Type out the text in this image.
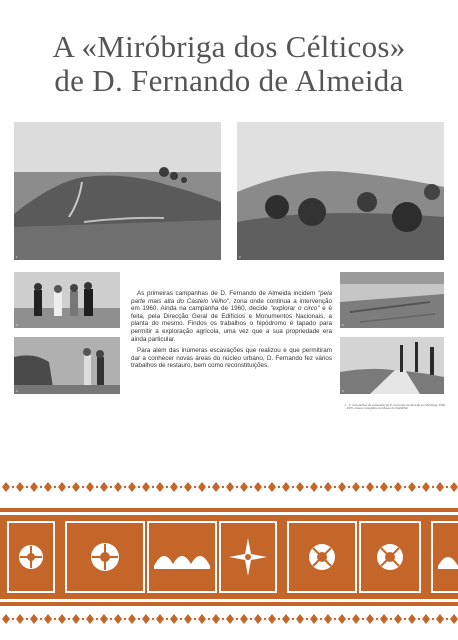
A «Miróbriga dos Célticos»
de D. Fernando de Almeida
1	2
3
4
5
6

As primeiras campanhas de D. Fernando de Almeida incidem "pela parte mais alta do Castelo Velho", zona onde continua a intervenção em 1960. Ainda na campanha de 1960, decide "explorar o circo" e é feita, pela Direcção Geral de Edifícios e Monumentos Nacionais, a planta do mesmo. Findos os trabalhos o hipódromo é tapado para permitir a exploração agrícola, uma vez que a sua propriedade era ainda particular.

Para além das inúmeras escavações que realizou e que permitiram dar a conhecer novas áreas do núcleo urbano, D. Fernando fez vários trabalhos de restauro, bem como reconstituições.

1 - 6: Campanhas de escavação de D. Fernando de Almeida em Miróbriga, 1959 - 1970. Arquivo fotográfico do Museu do IGESPAR.
